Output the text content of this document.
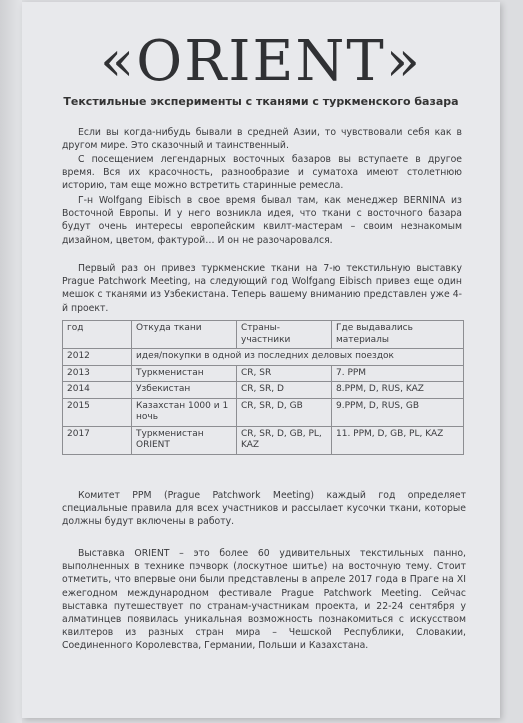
«ORIENT»
Текстильные эксперименты с тканями с туркменского базара

Если вы когда-нибудь бывали в средней Азии, то чувствовали себя как в другом мире. Это сказочный и таинственный.

С посещением легендарных восточных базаров вы вступаете в другое время. Вся их красочность, разнообразие и суматоха имеют столетнюю историю, там еще можно встретить старинные ремесла.

Г-н Wolfgang Eibisch в свое время бывал там, как менеджер BERNINA из Восточной Европы. И у него возникла идея, что ткани с восточного базара будут очень интересы европейским квилт-мастерам – своим незнакомым дизайном, цветом, фактурой… И он не разочаровался.

Первый раз он привез туркменские ткани на 7-ю текстильную выставку Prague Patchwork Meeting, на следующий год Wolfgang Eibisch привез еще один мешок с тканями из Узбекистана. Теперь вашему вниманию представлен уже 4-й проект.

год	Откуда ткани	Страны-участники	Где выдавались материалы
2012	идея/покупки в одной из последних деловых поездок		
2013	Туркменистан	CR, SR	7. PPM
2014	Узбекистан	CR, SR, D	8.PPM, D, RUS, KAZ
2015	Казахстан 1000 и 1 ночь	CR, SR, D, GB	9.PPM, D, RUS, GB
2017	Туркменистан ORIENT	CR, SR, D, GB, PL, KAZ	11. PPM, D, GB, PL, KAZ

Комитет PPM (Prague Patchwork Meeting) каждый год определяет специальные правила для всех участников и рассылает кусочки ткани, которые должны будут включены в работу.

Выставка ORIENT – это более 60 удивительных текстильных панно, выполненных в технике пэчворк (лоскутное шитье) на восточную тему. Стоит отметить, что впервые они были представлены в апреле 2017 года в Праге на XI ежегодном международном фестивале Prague Patchwork Meeting. Сейчас выставка путешествует по странам-участникам проекта, и 22-24 сентября у алматинцев появилась уникальная возможность познакомиться с искусством квилтеров из разных стран мира – Чешской Республики, Словакии, Соединенного Королевства, Германии, Польши и Казахстана.
